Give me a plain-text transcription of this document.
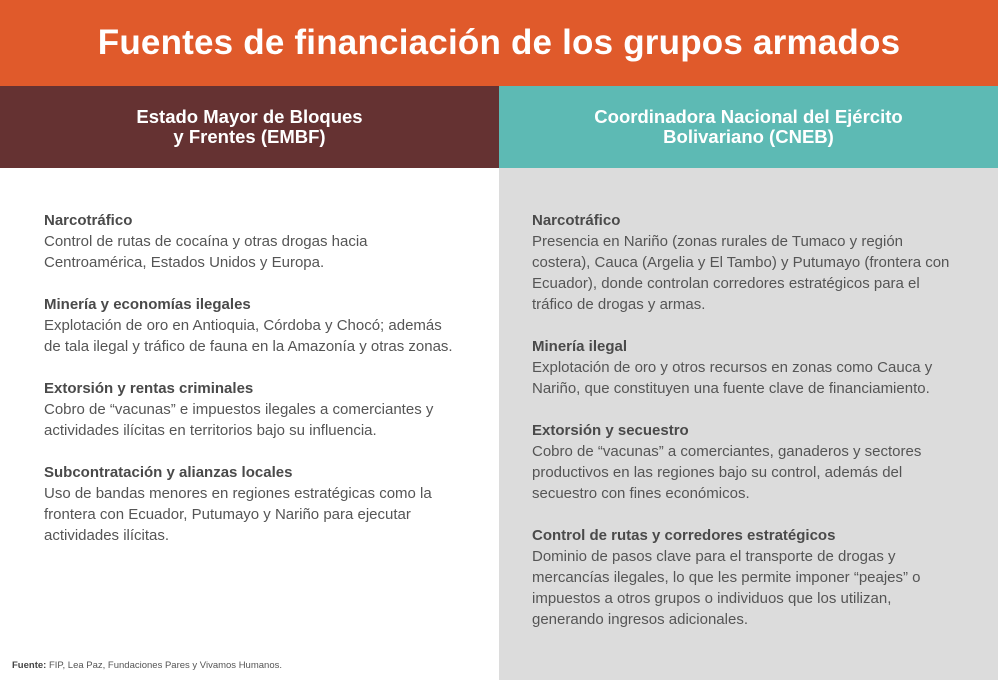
Fuentes de financiación de los grupos armados
Estado Mayor de Bloques
y Frentes (EMBF)
Narcotráfico
Control de rutas de cocaína y otras drogas hacia Centroamérica, Estados Unidos y Europa.
Minería y economías ilegales
Explotación de oro en Antioquia, Córdoba y Chocó; además de tala ilegal y tráfico de fauna en la Amazonía y otras zonas.
Extorsión y rentas criminales
Cobro de “vacunas” e impuestos ilegales a comerciantes y actividades ilícitas en territorios bajo su influencia.
Subcontratación y alianzas locales
Uso de bandas menores en regiones estratégicas como la frontera con Ecuador, Putumayo y Nariño para ejecutar actividades ilícitas.
Coordinadora Nacional del Ejército
Bolivariano (CNEB)
Narcotráfico
Presencia en Nariño (zonas rurales de Tumaco y región costera), Cauca (Argelia y El Tambo) y Putumayo (frontera con Ecuador), donde controlan corredores estratégicos para el tráfico de drogas y armas.
Minería ilegal
Explotación de oro y otros recursos en zonas como Cauca y Nariño, que constituyen una fuente clave de financiamiento.
Extorsión y secuestro
Cobro de “vacunas” a comerciantes, ganaderos y sectores productivos en las regiones bajo su control, además del secuestro con fines económicos.
Control de rutas y corredores estratégicos
Dominio de pasos clave para el transporte de drogas y mercancías ilegales, lo que les permite imponer “peajes” o impuestos a otros grupos o individuos que los utilizan, generando ingresos adicionales.
Fuente: FIP, Lea Paz, Fundaciones Pares y Vivamos Humanos.
